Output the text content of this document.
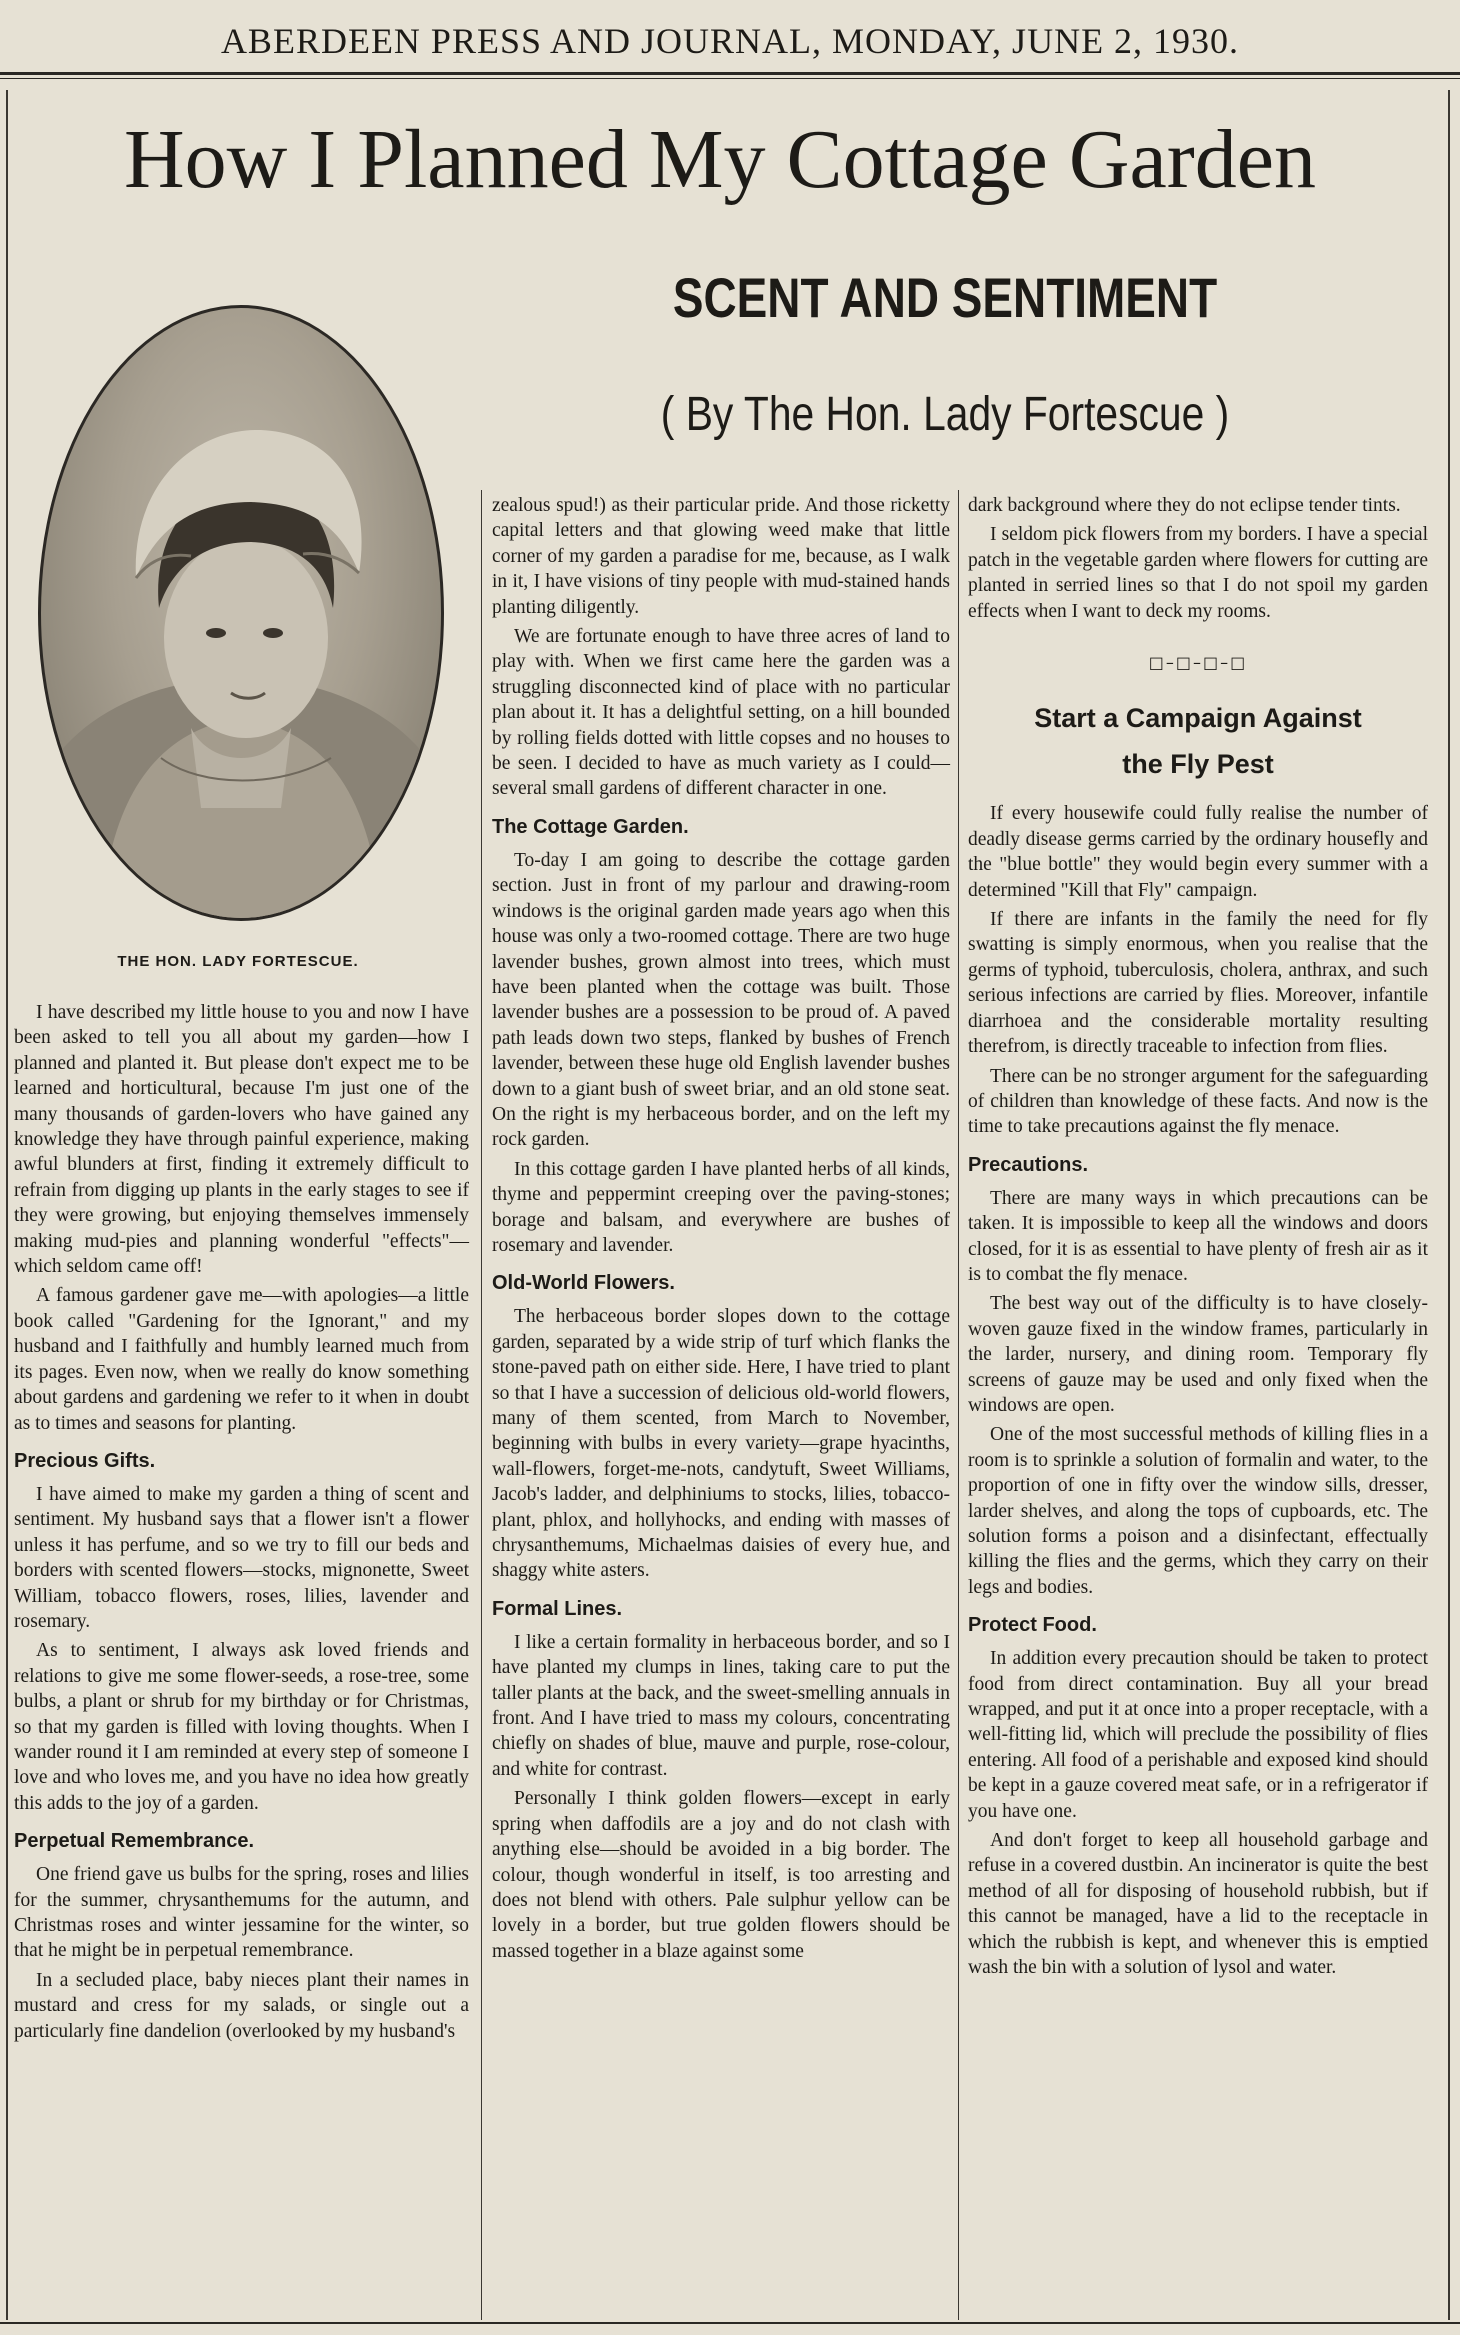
ABERDEEN PRESS AND JOURNAL, MONDAY, JUNE 2, 1930.
How I Planned My Cottage Garden
SCENT AND SENTIMENT
( By The Hon. Lady Fortescue )
THE HON. LADY FORTESCUE.

I have described my little house to you and now I have been asked to tell you all about my garden—how I planned and planted it. But please don't expect me to be learned and horticultural, because I'm just one of the many thousands of garden-lovers who have gained any knowledge they have through painful experience, making awful blunders at first, finding it extremely difficult to refrain from digging up plants in the early stages to see if they were growing, but enjoying themselves immensely making mud-pies and planning wonderful "effects"—which seldom came off!

A famous gardener gave me—with apologies—a little book called "Gardening for the Ignorant," and my husband and I faithfully and humbly learned much from its pages. Even now, when we really do know something about gardens and gardening we refer to it when in doubt as to times and seasons for planting.

Precious Gifts.

I have aimed to make my garden a thing of scent and sentiment. My husband says that a flower isn't a flower unless it has perfume, and so we try to fill our beds and borders with scented flowers—stocks, mignonette, Sweet William, tobacco flowers, roses, lilies, lavender and rosemary.

As to sentiment, I always ask loved friends and relations to give me some flower-seeds, a rose-tree, some bulbs, a plant or shrub for my birthday or for Christmas, so that my garden is filled with loving thoughts. When I wander round it I am reminded at every step of someone I love and who loves me, and you have no idea how greatly this adds to the joy of a garden.

Perpetual Remembrance.

One friend gave us bulbs for the spring, roses and lilies for the summer, chrysanthemums for the autumn, and Christmas roses and winter jessamine for the winter, so that he might be in perpetual remembrance.

In a secluded place, baby nieces plant their names in mustard and cress for my salads, or single out a particularly fine dandelion (overlooked by my husband's

zealous spud!) as their particular pride. And those ricketty capital letters and that glowing weed make that little corner of my garden a paradise for me, because, as I walk in it, I have visions of tiny people with mud-stained hands planting diligently.

We are fortunate enough to have three acres of land to play with. When we first came here the garden was a struggling disconnected kind of place with no particular plan about it. It has a delightful setting, on a hill bounded by rolling fields dotted with little copses and no houses to be seen. I decided to have as much variety as I could—several small gardens of different character in one.

The Cottage Garden.

To-day I am going to describe the cottage garden section. Just in front of my parlour and drawing-room windows is the original garden made years ago when this house was only a two-roomed cottage. There are two huge lavender bushes, grown almost into trees, which must have been planted when the cottage was built. Those lavender bushes are a possession to be proud of. A paved path leads down two steps, flanked by bushes of French lavender, between these huge old English lavender bushes down to a giant bush of sweet briar, and an old stone seat. On the right is my herbaceous border, and on the left my rock garden.

In this cottage garden I have planted herbs of all kinds, thyme and peppermint creeping over the paving-stones; borage and balsam, and everywhere are bushes of rosemary and lavender.

Old-World Flowers.

The herbaceous border slopes down to the cottage garden, separated by a wide strip of turf which flanks the stone-paved path on either side. Here, I have tried to plant so that I have a succession of delicious old-world flowers, many of them scented, from March to November, beginning with bulbs in every variety—grape hyacinths, wall-flowers, forget-me-nots, candytuft, Sweet Williams, Jacob's ladder, and delphiniums to stocks, lilies, tobacco-plant, phlox, and hollyhocks, and ending with masses of chrysanthemums, Michaelmas daisies of every hue, and shaggy white asters.

Formal Lines.

I like a certain formality in herbaceous border, and so I have planted my clumps in lines, taking care to put the taller plants at the back, and the sweet-smelling annuals in front. And I have tried to mass my colours, concentrating chiefly on shades of blue, mauve and purple, rose-colour, and white for contrast.

Personally I think golden flowers—except in early spring when daffodils are a joy and do not clash with anything else—should be avoided in a big border. The colour, though wonderful in itself, is too arresting and does not blend with others. Pale sulphur yellow can be lovely in a border, but true golden flowers should be massed together in a blaze against some

dark background where they do not eclipse tender tints.

I seldom pick flowers from my borders. I have a special patch in the vegetable garden where flowers for cutting are planted in serried lines so that I do not spoil my garden effects when I want to deck my rooms.

□–□–□–□
Start a Campaign Against
the Fly Pest

If every housewife could fully realise the number of deadly disease germs carried by the ordinary housefly and the "blue bottle" they would begin every summer with a determined "Kill that Fly" campaign.

If there are infants in the family the need for fly swatting is simply enormous, when you realise that the germs of typhoid, tuberculosis, cholera, anthrax, and such serious infections are carried by flies. Moreover, infantile diarrhoea and the considerable mortality resulting therefrom, is directly traceable to infection from flies.

There can be no stronger argument for the safeguarding of children than knowledge of these facts. And now is the time to take precautions against the fly menace.

Precautions.

There are many ways in which precautions can be taken. It is impossible to keep all the windows and doors closed, for it is as essential to have plenty of fresh air as it is to combat the fly menace.

The best way out of the difficulty is to have closely-woven gauze fixed in the window frames, particularly in the larder, nursery, and dining room. Temporary fly screens of gauze may be used and only fixed when the windows are open.

One of the most successful methods of killing flies in a room is to sprinkle a solution of formalin and water, to the proportion of one in fifty over the window sills, dresser, larder shelves, and along the tops of cupboards, etc. The solution forms a poison and a disinfectant, effectually killing the flies and the germs, which they carry on their legs and bodies.

Protect Food.

In addition every precaution should be taken to protect food from direct contamination. Buy all your bread wrapped, and put it at once into a proper receptacle, with a well-fitting lid, which will preclude the possibility of flies entering. All food of a perishable and exposed kind should be kept in a gauze covered meat safe, or in a refrigerator if you have one.

And don't forget to keep all household garbage and refuse in a covered dustbin. An incinerator is quite the best method of all for disposing of household rubbish, but if this cannot be managed, have a lid to the receptacle in which the rubbish is kept, and whenever this is emptied wash the bin with a solution of lysol and water.
